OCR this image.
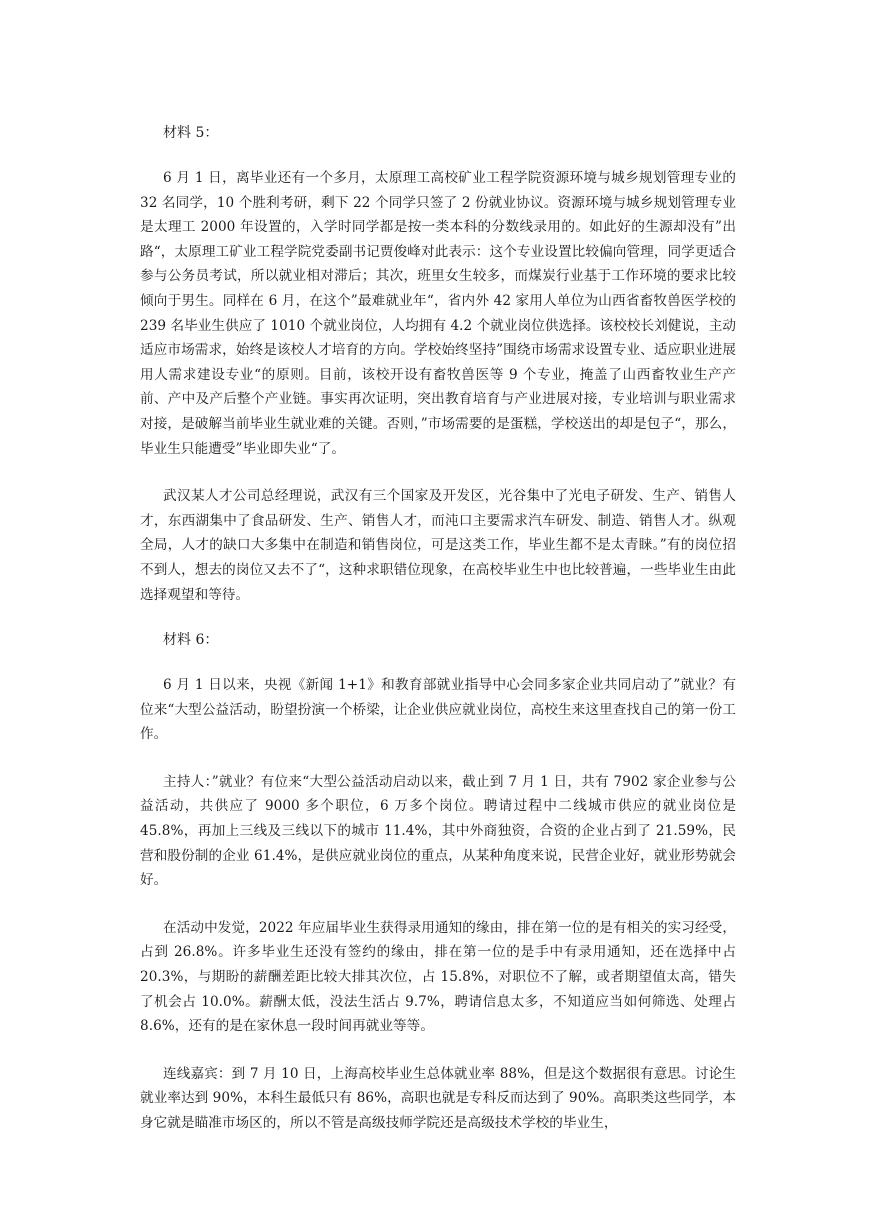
材料 5：

6 月 1 日，离毕业还有一个多月，太原理工高校矿业工程学院资源环境与城乡规划管理专业的 32 名同学，10 个胜利考研，剩下 22 个同学只签了 2 份就业协议。资源环境与城乡规划管理专业是太理工 2000 年设置的，入学时同学都是按一类本科的分数线录用的。如此好的生源却没有”出路“，太原理工矿业工程学院党委副书记贾俊峰对此表示：这个专业设置比较偏向管理，同学更适合参与公务员考试，所以就业相对滞后；其次，班里女生较多，而煤炭行业基于工作环境的要求比较倾向于男生。同样在 6 月，在这个”最难就业年“，省内外 42 家用人单位为山西省畜牧兽医学校的 239 名毕业生供应了 1010 个就业岗位，人均拥有 4.2 个就业岗位供选择。该校校长刘健说，主动适应市场需求，始终是该校人才培育的方向。学校始终坚持”围绕市场需求设置专业、适应职业进展用人需求建设专业“的原则。目前，该校开设有畜牧兽医等 9 个专业，掩盖了山西畜牧业生产产前、产中及产后整个产业链。事实再次证明，突出教育培育与产业进展对接，专业培训与职业需求对接，是破解当前毕业生就业难的关键。否则，”市场需要的是蛋糕，学校送出的却是包子“，那么，毕业生只能遭受”毕业即失业“了。

武汉某人才公司总经理说，武汉有三个国家及开发区，光谷集中了光电子研发、生产、销售人才，东西湖集中了食品研发、生产、销售人才，而沌口主要需求汽车研发、制造、销售人才。纵观全局，人才的缺口大多集中在制造和销售岗位，可是这类工作，毕业生都不是太青睐。”有的岗位招不到人，想去的岗位又去不了“，这种求职错位现象，在高校毕业生中也比较普遍，一些毕业生由此选择观望和等待。

材料 6：

6 月 1 日以来，央视《新闻 1+1》和教育部就业指导中心会同多家企业共同启动了”就业？有位来“大型公益活动，盼望扮演一个桥梁，让企业供应就业岗位，高校生来这里查找自己的第一份工作。

主持人：”就业？有位来“大型公益活动启动以来，截止到 7 月 1 日，共有 7902 家企业参与公益活动，共供应了 9000 多个职位，6 万多个岗位。聘请过程中二线城市供应的就业岗位是 45.8%，再加上三线及三线以下的城市 11.4%，其中外商独资，合资的企业占到了 21.59%，民营和股份制的企业 61.4%，是供应就业岗位的重点，从某种角度来说，民营企业好，就业形势就会好。

在活动中发觉，2022 年应届毕业生获得录用通知的缘由，排在第一位的是有相关的实习经受，占到 26.8%。许多毕业生还没有签约的缘由，排在第一位的是手中有录用通知，还在选择中占 20.3%，与期盼的薪酬差距比较大排其次位，占 15.8%，对职位不了解，或者期望值太高，错失了机会占 10.0%。薪酬太低，没法生活占 9.7%，聘请信息太多，不知道应当如何筛选、处理占 8.6%，还有的是在家休息一段时间再就业等等。

连线嘉宾：到 7 月 10 日，上海高校毕业生总体就业率 88%，但是这个数据很有意思。讨论生就业率达到 90%，本科生最低只有 86%，高职也就是专科反而达到了 90%。高职类这些同学，本身它就是瞄准市场区的，所以不管是高级技师学院还是高级技术学校的毕业生，
